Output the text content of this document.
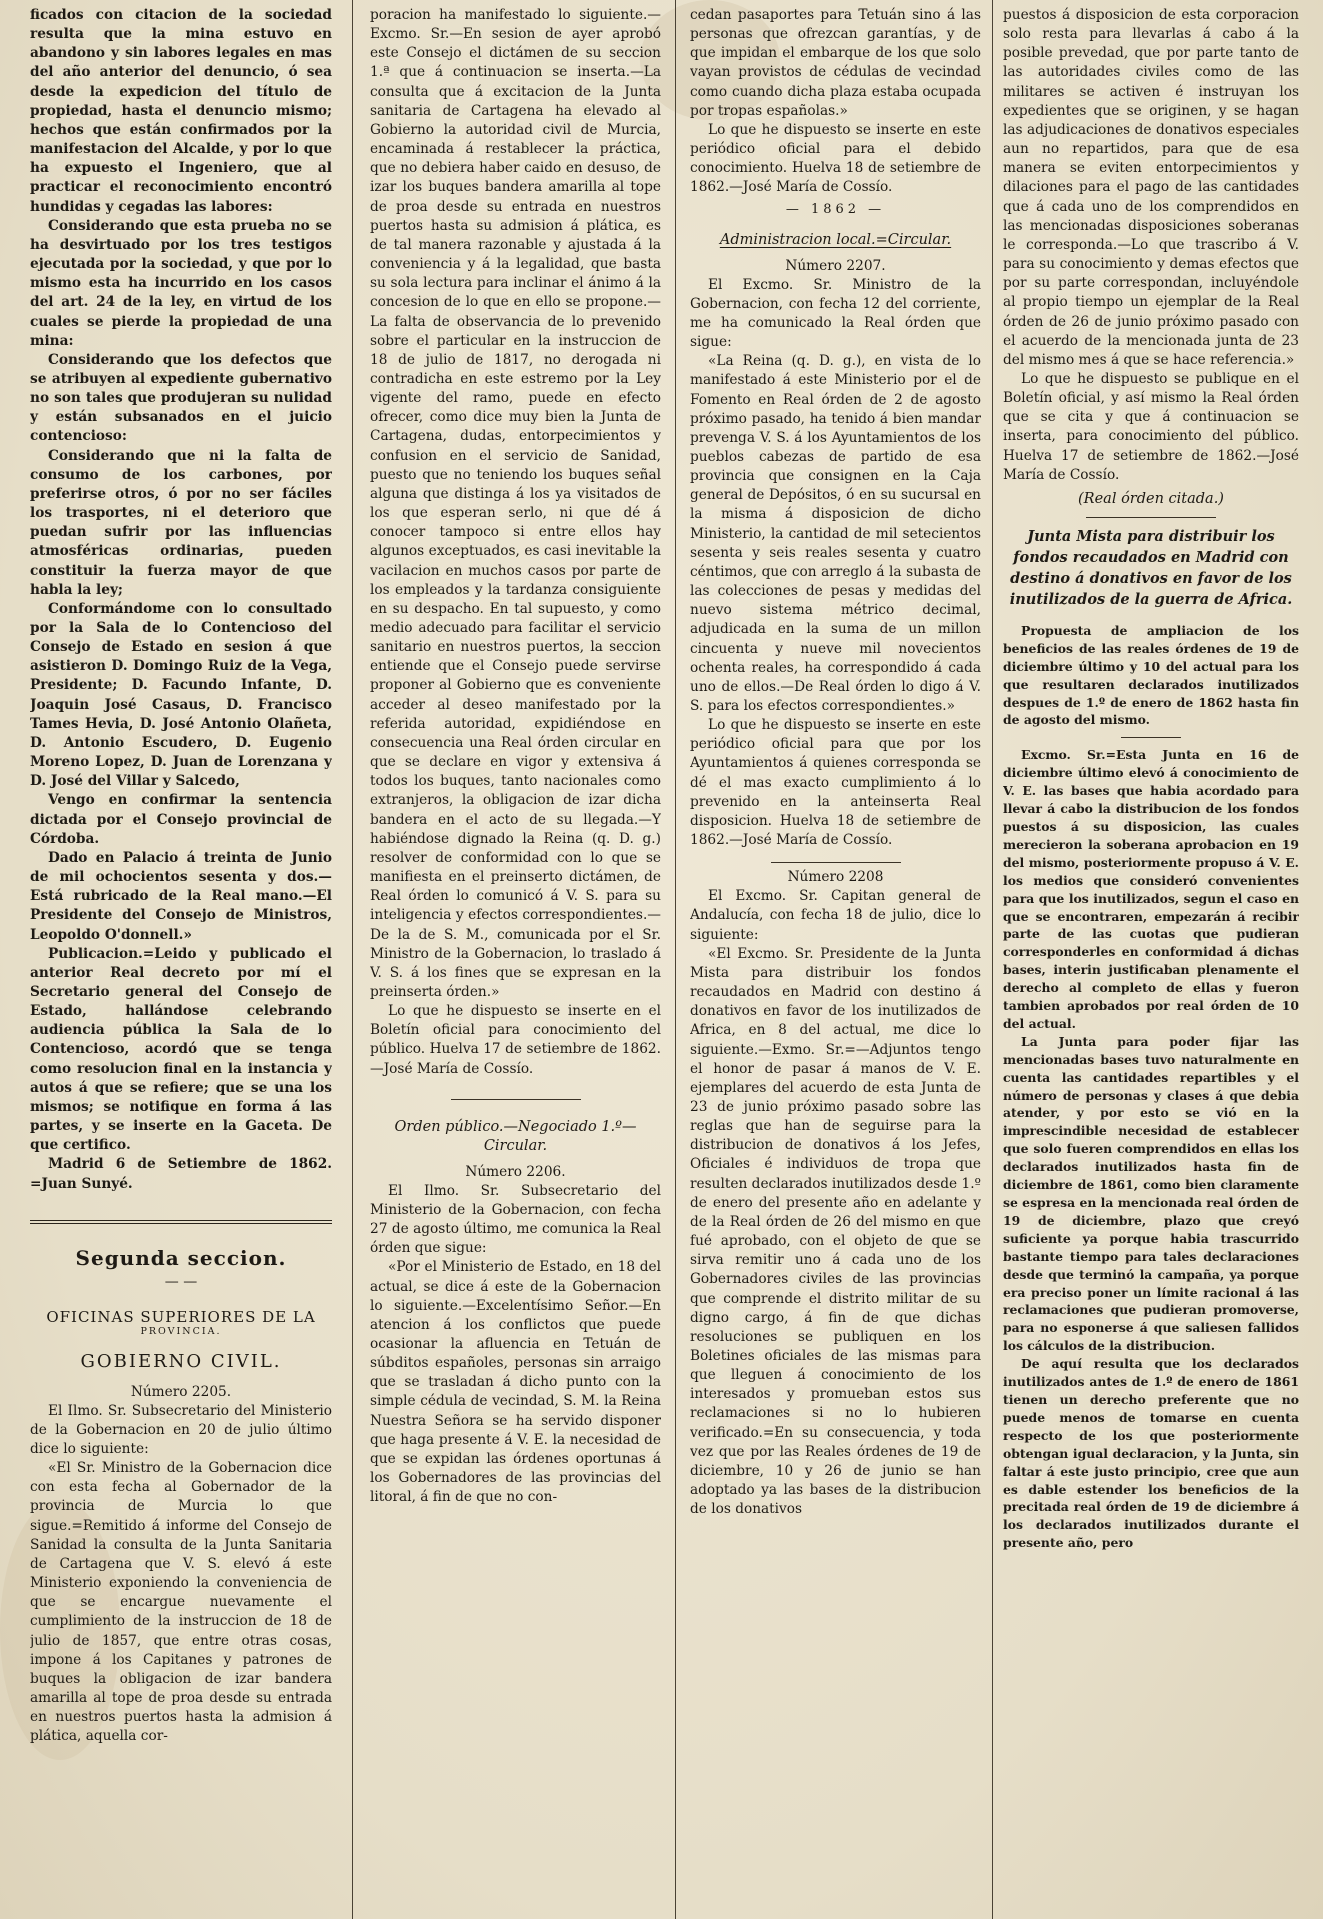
ficados con citacion de la sociedad resulta que la mina estuvo en abandono y sin labores legales en mas del año anterior del denuncio, ó sea desde la expedicion del título de propiedad, hasta el denuncio mismo; hechos que están confirmados por la manifestacion del Alcalde, y por lo que ha expuesto el Ingeniero, que al practicar el reconocimiento encontró hundidas y cegadas las labores:

Considerando que esta prueba no se ha desvirtuado por los tres testigos ejecutada por la sociedad, y que por lo mismo esta ha incurrido en los casos del art. 24 de la ley, en virtud de los cuales se pierde la propiedad de una mina:

Considerando que los defectos que se atribuyen al expediente gubernativo no son tales que produjeran su nulidad y están subsanados en el juicio contencioso:

Considerando que ni la falta de consumo de los carbones, por preferirse otros, ó por no ser fáciles los trasportes, ni el deterioro que puedan sufrir por las influencias atmosféricas ordinarias, pueden constituir la fuerza mayor de que habla la ley;

Conformándome con lo consultado por la Sala de lo Contencioso del Consejo de Estado en sesion á que asistieron D. Domingo Ruiz de la Vega, Presidente; D. Facundo Infante, D. Joaquin José Casaus, D. Francisco Tames Hevia, D. José Antonio Olañeta, D. Antonio Escudero, D. Eugenio Moreno Lopez, D. Juan de Lorenzana y D. José del Villar y Salcedo,

Vengo en confirmar la sentencia dictada por el Consejo provincial de Córdoba.

Dado en Palacio á treinta de Junio de mil ochocientos sesenta y dos.—Está rubricado de la Real mano.—El Presidente del Consejo de Ministros, Leopoldo O'donnell.»

Publicacion.=Leido y publicado el anterior Real decreto por mí el Secretario general del Consejo de Estado, hallándose celebrando audiencia pública la Sala de lo Contencioso, acordó que se tenga como resolucion final en la instancia y autos á que se refiere; que se una los mismos; se notifique en forma á las partes, y se inserte en la Gaceta. De que certifico.

Madrid 6 de Setiembre de 1862. =Juan Sunyé.

Segunda seccion.
— —
OFICINAS SUPERIORES DE LA
PROVINCIA.
GOBIERNO CIVIL.
Número 2205.

El Ilmo. Sr. Subsecretario del Ministerio de la Gobernacion en 20 de julio último dice lo siguiente:

«El Sr. Ministro de la Gobernacion dice con esta fecha al Gobernador de la provincia de Murcia lo que sigue.=Remitido á informe del Consejo de Sanidad la consulta de la Junta Sanitaria de Cartagena que V. S. elevó á este Ministerio exponiendo la conveniencia de que se encargue nuevamente el cumplimiento de la instruccion de 18 de julio de 1857, que entre otras cosas, impone á los Capitanes y patrones de buques la obligacion de izar bandera amarilla al tope de proa desde su entrada en nuestros puertos hasta la admision á plática, aquella cor-

poracion ha manifestado lo siguiente.—Excmo. Sr.—En sesion de ayer aprobó este Consejo el dictámen de su seccion 1.ª que á continuacion se inserta.—La consulta que á excitacion de la Junta sanitaria de Cartagena ha elevado al Gobierno la autoridad civil de Murcia, encaminada á restablecer la práctica, que no debiera haber caido en desuso, de izar los buques bandera amarilla al tope de proa desde su entrada en nuestros puertos hasta su admision á plática, es de tal manera razonable y ajustada á la conveniencia y á la legalidad, que basta su sola lectura para inclinar el ánimo á la concesion de lo que en ello se propone.—La falta de observancia de lo prevenido sobre el particular en la instruccion de 18 de julio de 1817, no derogada ni contradicha en este estremo por la Ley vigente del ramo, puede en efecto ofrecer, como dice muy bien la Junta de Cartagena, dudas, entorpecimientos y confusion en el servicio de Sanidad, puesto que no teniendo los buques señal alguna que distinga á los ya visitados de los que esperan serlo, ni que dé á conocer tampoco si entre ellos hay algunos exceptuados, es casi inevitable la vacilacion en muchos casos por parte de los empleados y la tardanza consiguiente en su despacho. En tal supuesto, y como medio adecuado para facilitar el servicio sanitario en nuestros puertos, la seccion entiende que el Consejo puede servirse proponer al Gobierno que es conveniente acceder al deseo manifestado por la referida autoridad, expidiéndose en consecuencia una Real órden circular en que se declare en vigor y extensiva á todos los buques, tanto nacionales como extranjeros, la obligacion de izar dicha bandera en el acto de su llegada.—Y habiéndose dignado la Reina (q. D. g.) resolver de conformidad con lo que se manifiesta en el preinserto dictámen, de Real órden lo comunicó á V. S. para su inteligencia y efectos correspondientes.—De la de S. M., comunicada por el Sr. Ministro de la Gobernacion, lo traslado á V. S. á los fines que se expresan en la preinserta órden.»

Lo que he dispuesto se inserte en el Boletín oficial para conocimiento del público. Huelva 17 de setiembre de 1862.—José María de Cossío.

Orden público.—Negociado 1.º—Circular.
Número 2206.

El Ilmo. Sr. Subsecretario del Ministerio de la Gobernacion, con fecha 27 de agosto último, me comunica la Real órden que sigue:

«Por el Ministerio de Estado, en 18 del actual, se dice á este de la Gobernacion lo siguiente.—Excelentísimo Señor.—En atencion á los conflictos que puede ocasionar la afluencia en Tetuán de súbditos españoles, personas sin arraigo que se trasladan á dicho punto con la simple cédula de vecindad, S. M. la Reina Nuestra Señora se ha servido disponer que haga presente á V. E. la necesidad de que se expidan las órdenes oportunas á los Gobernadores de las provincias del litoral, á fin de que no con-

cedan pasaportes para Tetuán sino á las personas que ofrezcan garantías, y de que impidan el embarque de los que solo vayan provistos de cédulas de vecindad como cuando dicha plaza estaba ocupada por tropas españolas.»

Lo que he dispuesto se inserte en este periódico oficial para el debido conocimiento. Huelva 18 de setiembre de 1862.—José María de Cossío.

— 1862 —
Administracion local.=Circular.
Número 2207.

El Excmo. Sr. Ministro de la Gobernacion, con fecha 12 del corriente, me ha comunicado la Real órden que sigue:

«La Reina (q. D. g.), en vista de lo manifestado á este Ministerio por el de Fomento en Real órden de 2 de agosto próximo pasado, ha tenido á bien mandar prevenga V. S. á los Ayuntamientos de los pueblos cabezas de partido de esa provincia que consignen en la Caja general de Depósitos, ó en su sucursal en la misma á disposicion de dicho Ministerio, la cantidad de mil setecientos sesenta y seis reales sesenta y cuatro céntimos, que con arreglo á la subasta de las colecciones de pesas y medidas del nuevo sistema métrico decimal, adjudicada en la suma de un millon cincuenta y nueve mil novecientos ochenta reales, ha correspondido á cada uno de ellos.—De Real órden lo digo á V. S. para los efectos correspondientes.»

Lo que he dispuesto se inserte en este periódico oficial para que por los Ayuntamientos á quienes corresponda se dé el mas exacto cumplimiento á lo prevenido en la anteinserta Real disposicion. Huelva 18 de setiembre de 1862.—José María de Cossío.

Número 2208

El Excmo. Sr. Capitan general de Andalucía, con fecha 18 de julio, dice lo siguiente:

«El Excmo. Sr. Presidente de la Junta Mista para distribuir los fondos recaudados en Madrid con destino á donativos en favor de los inutilizados de Africa, en 8 del actual, me dice lo siguiente.—Exmo. Sr.=—Adjuntos tengo el honor de pasar á manos de V. E. ejemplares del acuerdo de esta Junta de 23 de junio próximo pasado sobre las reglas que han de seguirse para la distribucion de donativos á los Jefes, Oficiales é individuos de tropa que resulten declarados inutilizados desde 1.º de enero del presente año en adelante y de la Real órden de 26 del mismo en que fué aprobado, con el objeto de que se sirva remitir uno á cada uno de los Gobernadores civiles de las provincias que comprende el distrito militar de su digno cargo, á fin de que dichas resoluciones se publiquen en los Boletines oficiales de las mismas para que lleguen á conocimiento de los interesados y promueban estos sus reclamaciones si no lo hubieren verificado.=En su consecuencia, y toda vez que por las Reales órdenes de 19 de diciembre, 10 y 26 de junio se han adoptado ya las bases de la distribucion de los donativos

puestos á disposicion de esta corporacion solo resta para llevarlas á cabo á la posible prevedad, que por parte tanto de las autoridades civiles como de las militares se activen é instruyan los expedientes que se originen, y se hagan las adjudicaciones de donativos especiales aun no repartidos, para que de esa manera se eviten entorpecimientos y dilaciones para el pago de las cantidades que á cada uno de los comprendidos en las mencionadas disposiciones soberanas le corresponda.—Lo que trascribo á V. para su conocimiento y demas efectos que por su parte correspondan, incluyéndole al propio tiempo un ejemplar de la Real órden de 26 de junio próximo pasado con el acuerdo de la mencionada junta de 23 del mismo mes á que se hace referencia.»

Lo que he dispuesto se publique en el Boletín oficial, y así mismo la Real órden que se cita y que á continuacion se inserta, para conocimiento del público. Huelva 17 de setiembre de 1862.—José María de Cossío.

(Real órden citada.)
Junta Mista para distribuir los fondos recaudados en Madrid con destino á donativos en favor de los inutilizados de la guerra de Africa.

Propuesta de ampliacion de los beneficios de las reales órdenes de 19 de diciembre último y 10 del actual para los que resultaren declarados inutilizados despues de 1.º de enero de 1862 hasta fin de agosto del mismo.

Excmo. Sr.=Esta Junta en 16 de diciembre último elevó á conocimiento de V. E. las bases que habia acordado para llevar á cabo la distribucion de los fondos puestos á su disposicion, las cuales merecieron la soberana aprobacion en 19 del mismo, posteriormente propuso á V. E. los medios que consideró convenientes para que los inutilizados, segun el caso en que se encontraren, empezarán á recibir parte de las cuotas que pudieran corresponderles en conformidad á dichas bases, interin justificaban plenamente el derecho al completo de ellas y fueron tambien aprobados por real órden de 10 del actual.

La Junta para poder fijar las mencionadas bases tuvo naturalmente en cuenta las cantidades repartibles y el número de personas y clases á que debia atender, y por esto se vió en la imprescindible necesidad de establecer que solo fueren comprendidos en ellas los declarados inutilizados hasta fin de diciembre de 1861, como bien claramente se espresa en la mencionada real órden de 19 de diciembre, plazo que creyó suficiente ya porque habia trascurrido bastante tiempo para tales declaraciones desde que terminó la campaña, ya porque era preciso poner un límite racional á las reclamaciones que pudieran promoverse, para no esponerse á que saliesen fallidos los cálculos de la distribucion.

De aquí resulta que los declarados inutilizados antes de 1.º de enero de 1861 tienen un derecho preferente que no puede menos de tomarse en cuenta respecto de los que posteriormente obtengan igual declaracion, y la Junta, sin faltar á este justo principio, cree que aun es dable estender los beneficios de la precitada real órden de 19 de diciembre á los declarados inutilizados durante el presente año, pero
